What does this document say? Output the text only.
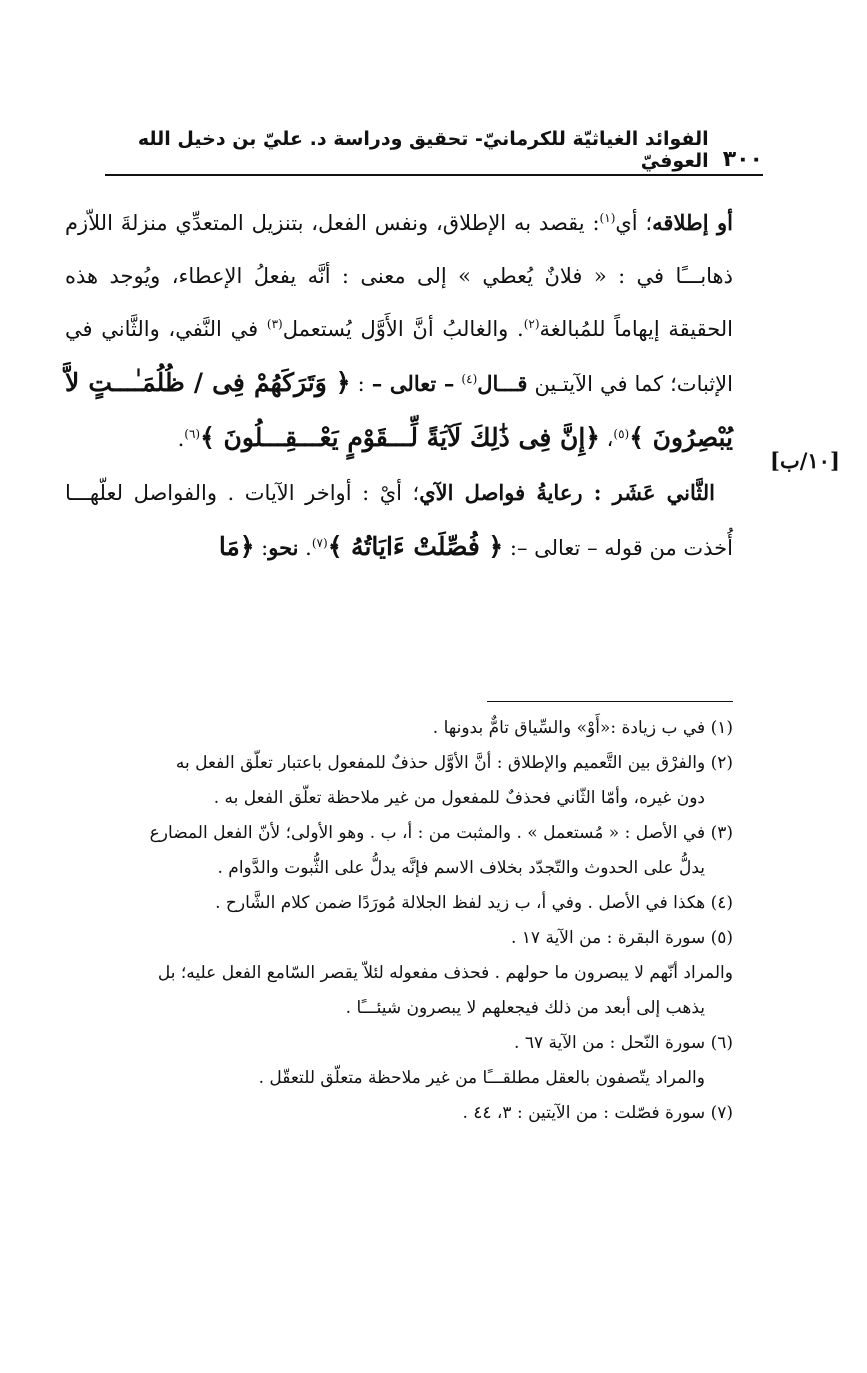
٣٠٠
الفوائد الغياثيّة للكرمانيّ- تحقيق ودراسة د. عليّ بن دخيل الله العوفيّ
[١٠/ب]

أو إطلاقه؛ أي$^{(١)}$: يقصد به الإطلاق، ونفس الفعل، بتنزيل المتعدِّي منزلةَ اللاّزم ذهابـــًا في : « فلانٌ يُعطي » إلى معنى : أنَّه يفعلُ الإعطاء، ويُوجد هذه الحقيقة إيهاماً للمُبالغة$^{(٢)}$. والغالبُ أنَّ الأَوَّل يُستعمل$^{(٣)}$ في النَّفي، والثَّاني في الإثبات؛ كما في الآيتـين قـــال$^{(٤)}$ – تعالى – : ﴿ وَتَرَكَهُمْ فِى / ظُلُمَـٰـــتٍ لاَّ يُبْصِرُونَ ﴾$^{(٥)}$، ﴿إِنَّ فِى ذَٰلِكَ لَآيَةً لِّـــقَوْمٍ يَعْـــقِـــلُونَ ﴾$^{(٦)}$.

الثَّاني عَشَر : رعايةُ فواصل الآي؛ أيْ : أواخر الآيات . والفواصل لعلّهـــا أُخذت من قوله – تعالى –: ﴿ فُصِّلَتْ ءَايَاتُهُ ﴾$^{(٧)}$. نحو: ﴿مَا

(١) في ب زيادة :«أَوْ» والسِّياق تامٌّ بدونها .

(٢) والفرْق بين التَّعميم والإطلاق : أنَّ الأوَّل حذفٌ للمفعول باعتبار تعلّق الفعل به

دون غيره، وأمّا الثّاني فحذفٌ للمفعول من غير ملاحظة تعلّق الفعل به .

(٣) في الأصل : « مُستعمل » . والمثبت من : أ، ب . وهو الأولى؛ لأنّ الفعل المضارع

يدلُّ على الحدوث والتّجدّد بخلاف الاسم فإنَّه يدلُّ على الثُّبوت والدَّوام .

(٤) هكذا في الأصل . وفي أ، ب زيد لفظ الجلالة مُورَدًا ضمن كلام الشَّارح .

(٥) سورة البقرة : من الآية ١٧ .

والمراد أنّهم لا يبصرون ما حولهم . فحذف مفعوله لئلاّ يقصر السّامع الفعل عليه؛ بل

يذهب إلى أبعد من ذلك فيجعلهم لا يبصرون شيئـــًا .

(٦) سورة النّحل : من الآية ٦٧ .

والمراد يتّصفون بالعقل مطلقـــًا من غير ملاحظة متعلّق للتعقّل .

(٧) سورة فصّلت : من الآيتين : ٣، ٤٤ .
